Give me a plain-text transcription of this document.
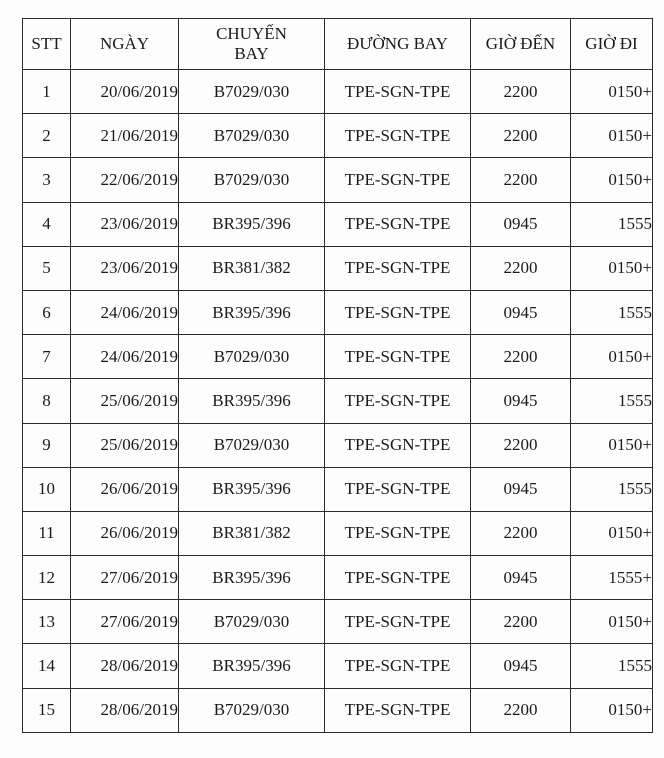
STT	NGÀY	CHUYẾN
BAY	ĐƯỜNG BAY	GIỜ ĐẾN	GIỜ ĐI
1	20/06/2019	B7029/030	TPE-SGN-TPE	2200	0150+
2	21/06/2019	B7029/030	TPE-SGN-TPE	2200	0150+
3	22/06/2019	B7029/030	TPE-SGN-TPE	2200	0150+
4	23/06/2019	BR395/396	TPE-SGN-TPE	0945	1555
5	23/06/2019	BR381/382	TPE-SGN-TPE	2200	0150+
6	24/06/2019	BR395/396	TPE-SGN-TPE	0945	1555
7	24/06/2019	B7029/030	TPE-SGN-TPE	2200	0150+
8	25/06/2019	BR395/396	TPE-SGN-TPE	0945	1555
9	25/06/2019	B7029/030	TPE-SGN-TPE	2200	0150+
10	26/06/2019	BR395/396	TPE-SGN-TPE	0945	1555
11	26/06/2019	BR381/382	TPE-SGN-TPE	2200	0150+
12	27/06/2019	BR395/396	TPE-SGN-TPE	0945	1555+
13	27/06/2019	B7029/030	TPE-SGN-TPE	2200	0150+
14	28/06/2019	BR395/396	TPE-SGN-TPE	0945	1555
15	28/06/2019	B7029/030	TPE-SGN-TPE	2200	0150+
